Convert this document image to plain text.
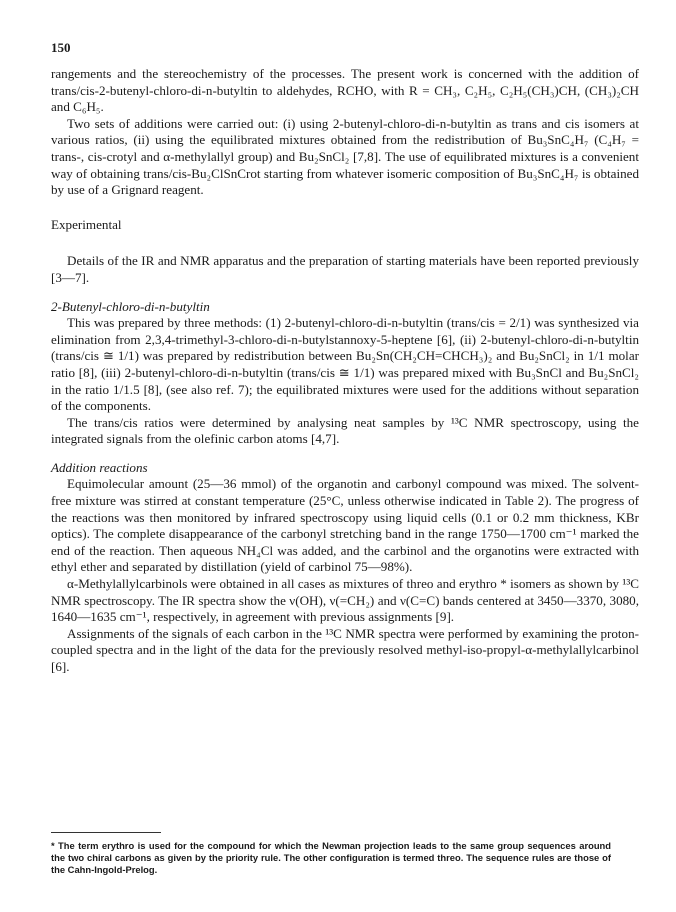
150

rangements and the stereochemistry of the processes. The present work is concerned with the addition of trans/cis-2-butenyl-chloro-di-n-butyltin to aldehydes, RCHO, with R = CH₃, C₂H₅, C₂H₅(CH₃)CH, (CH₃)₂CH and C₆H₅.

Two sets of additions were carried out: (i) using 2-butenyl-chloro-di-n-butyltin as trans and cis isomers at various ratios, (ii) using the equilibrated mixtures obtained from the redistribution of Bu₃SnC₄H₇ (C₄H₇ = trans-, cis-crotyl and α-methylallyl group) and Bu₂SnCl₂ [7,8]. The use of equilibrated mixtures is a convenient way of obtaining trans/cis-Bu₂ClSnCrot starting from whatever isomeric composition of Bu₃SnC₄H₇ is obtained by use of a Grignard reagent.

Experimental

Details of the IR and NMR apparatus and the preparation of starting materials have been reported previously [3—7].

2-Butenyl-chloro-di-n-butyltin

This was prepared by three methods: (1) 2-butenyl-chloro-di-n-butyltin (trans/cis = 2/1) was synthesized via elimination from 2,3,4-trimethyl-3-chloro-di-n-butylstannoxy-5-heptene [6], (ii) 2-butenyl-chloro-di-n-butyltin (trans/cis ≅ 1/1) was prepared by redistribution between Bu₂Sn(CH₂CH=CHCH₃)₂ and Bu₂SnCl₂ in 1/1 molar ratio [8], (iii) 2-butenyl-chloro-di-n-butyltin (trans/cis ≅ 1/1) was prepared mixed with Bu₃SnCl and Bu₂SnCl₂ in the ratio 1/1.5 [8], (see also ref. 7); the equilibrated mixtures were used for the additions without separation of the components.

The trans/cis ratios were determined by analysing neat samples by ¹³C NMR spectroscopy, using the integrated signals from the olefinic carbon atoms [4,7].

Addition reactions

Equimolecular amount (25—36 mmol) of the organotin and carbonyl compound was mixed. The solvent-free mixture was stirred at constant temperature (25°C, unless otherwise indicated in Table 2). The progress of the reactions was then monitored by infrared spectroscopy using liquid cells (0.1 or 0.2 mm thickness, KBr optics). The complete disappearance of the carbonyl stretching band in the range 1750—1700 cm⁻¹ marked the end of the reaction. Then aqueous NH₄Cl was added, and the carbinol and the organotins were extracted with ethyl ether and separated by distillation (yield of carbinol 75—98%).

α-Methylallylcarbinols were obtained in all cases as mixtures of threo and erythro * isomers as shown by ¹³C NMR spectroscopy. The IR spectra show the ν(OH), ν(=CH₂) and ν(C=C) bands centered at 3450—3370, 3080, 1640—1635 cm⁻¹, respectively, in agreement with previous assignments [9].

Assignments of the signals of each carbon in the ¹³C NMR spectra were performed by examining the proton-coupled spectra and in the light of the data for the previously resolved methyl-iso-propyl-α-methylallylcarbinol [6].

* The term erythro is used for the compound for which the Newman projection leads to the same group sequences around the two chiral carbons as given by the priority rule. The other configuration is termed threo. The sequence rules are those of the Cahn-Ingold-Prelog.
